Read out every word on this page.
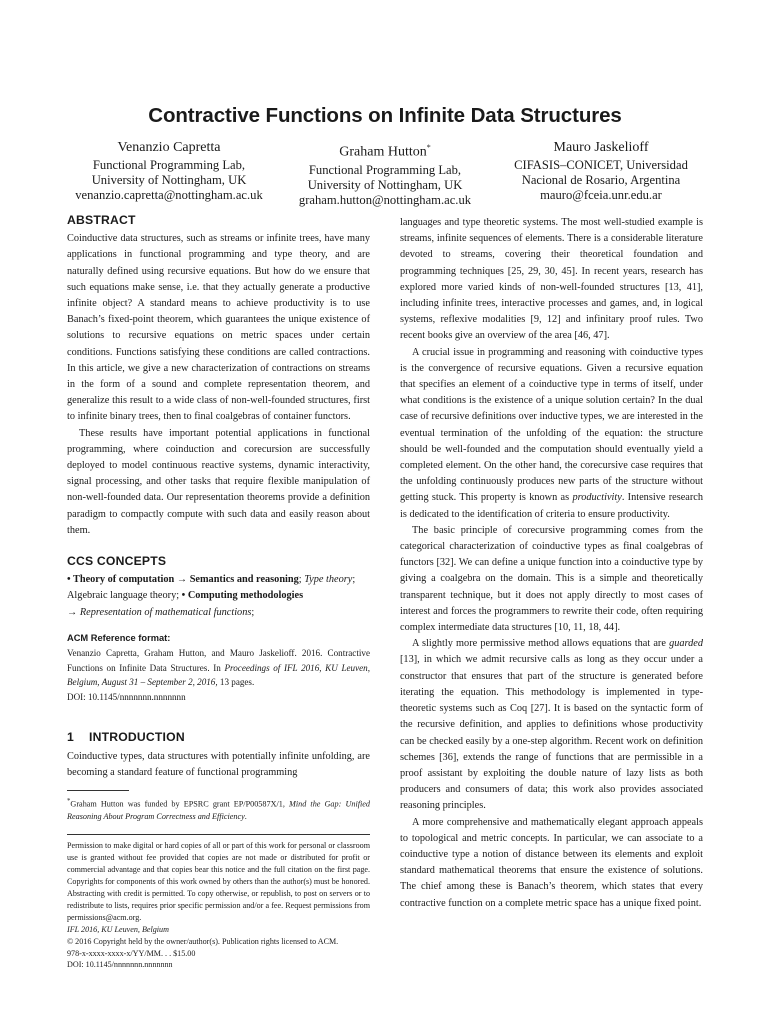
Contractive Functions on Infinite Data Structures
Venanzio Capretta
Functional Programming Lab,
University of Nottingham, UK
venanzio.capretta@nottingham.ac.uk
Graham Hutton*
Functional Programming Lab,
University of Nottingham, UK
graham.hutton@nottingham.ac.uk
Mauro Jaskelioff
CIFASIS–CONICET, Universidad
Nacional de Rosario, Argentina
mauro@fceia.unr.edu.ar
ABSTRACT

Coinductive data structures, such as streams or infinite trees, have many applications in functional programming and type theory, and are naturally defined using recursive equations. But how do we ensure that such equations make sense, i.e. that they actually generate a productive infinite object? A standard means to achieve productivity is to use Banach’s fixed-point theorem, which guarantees the unique existence of solutions to recursive equations on metric spaces under certain conditions. Functions satisfying these conditions are called contractions. In this article, we give a new characterization of contractions on streams in the form of a sound and complete representation theorem, and generalize this result to a wide class of non-well-founded structures, first to infinite binary trees, then to final coalgebras of container functors.

These results have important potential applications in functional programming, where coinduction and corecursion are successfully deployed to model continuous reactive systems, dynamic interactivity, signal processing, and other tasks that require flexible manipulation of non-well-founded data. Our representation theorems provide a definition paradigm to compactly compute with such data and easily reason about them.

CCS CONCEPTS

• Theory of computation → Semantics and reasoning; Type theory; Algebraic language theory; • Computing methodologies
→ Representation of mathematical functions;

ACM Reference format:

Venanzio Capretta, Graham Hutton, and Mauro Jaskelioff. 2016. Contractive Functions on Infinite Data Structures. In Proceedings of IFL 2016, KU Leuven, Belgium, August 31 – September 2, 2016, 13 pages.
DOI: 10.1145/nnnnnnn.nnnnnnn

1 INTRODUCTION

Coinductive types, data structures with potentially infinite unfolding, are becoming a standard feature of functional programming

*Graham Hutton was funded by EPSRC grant EP/P00587X/1, Mind the Gap: Unified Reasoning About Program Correctness and Efficiency.

Permission to make digital or hard copies of all or part of this work for personal or classroom use is granted without fee provided that copies are not made or distributed for profit or commercial advantage and that copies bear this notice and the full citation on the first page. Copyrights for components of this work owned by others than the author(s) must be honored. Abstracting with credit is permitted. To copy otherwise, or republish, to post on servers or to redistribute to lists, requires prior specific permission and/or a fee. Request permissions from permissions@acm.org.

IFL 2016, KU Leuven, Belgium
© 2016 Copyright held by the owner/author(s). Publication rights licensed to ACM.
978-x-xxxx-xxxx-x/YY/MM. . . $15.00
DOI: 10.1145/nnnnnnn.nnnnnnn

languages and type theoretic systems. The most well-studied example is streams, infinite sequences of elements. There is a considerable literature devoted to streams, covering their theoretical foundation and programming techniques [25, 29, 30, 45]. In recent years, research has explored more varied kinds of non-well-founded structures [13, 41], including infinite trees, interactive processes and games, and, in logical systems, reflexive modalities [9, 12] and infinitary proof rules. Two recent books give an overview of the area [46, 47].

A crucial issue in programming and reasoning with coinductive types is the convergence of recursive equations. Given a recursive equation that specifies an element of a coinductive type in terms of itself, under what conditions is the existence of a unique solution certain? In the dual case of recursive definitions over inductive types, we are interested in the eventual termination of the unfolding of the equation: the structure should be well-founded and the computation should eventually yield a completed element. On the other hand, the corecursive case requires that the unfolding continuously produces new parts of the structure without getting stuck. This property is known as productivity. Intensive research is dedicated to the identification of criteria to ensure productivity.

The basic principle of corecursive programming comes from the categorical characterization of coinductive types as final coalgebras of functors [32]. We can define a unique function into a coinductive type by giving a coalgebra on the domain. This is a simple and theoretically transparent technique, but it does not apply directly to most cases of interest and forces the programmers to rewrite their code, often requiring complex intermediate data structures [10, 11, 18, 44].

A slightly more permissive method allows equations that are guarded [13], in which we admit recursive calls as long as they occur under a constructor that ensures that part of the structure is generated before iterating the equation. This methodology is implemented in type-theoretic systems such as Coq [27]. It is based on the syntactic form of the recursive definition, and applies to definitions whose productivity can be checked easily by a one-step algorithm. Recent work on definition schemes [36], extends the range of functions that are permissible in a proof assistant by exploiting the double nature of lazy lists as both producers and consumers of data; this work also provides associated reasoning principles.

A more comprehensive and mathematically elegant approach appeals to topological and metric concepts. In particular, we can associate to a coinductive type a notion of distance between its elements and exploit standard mathematical theorems that ensure the existence of solutions. The chief among these is Banach’s theorem, which states that every contractive function on a complete metric space has a unique fixed point.
